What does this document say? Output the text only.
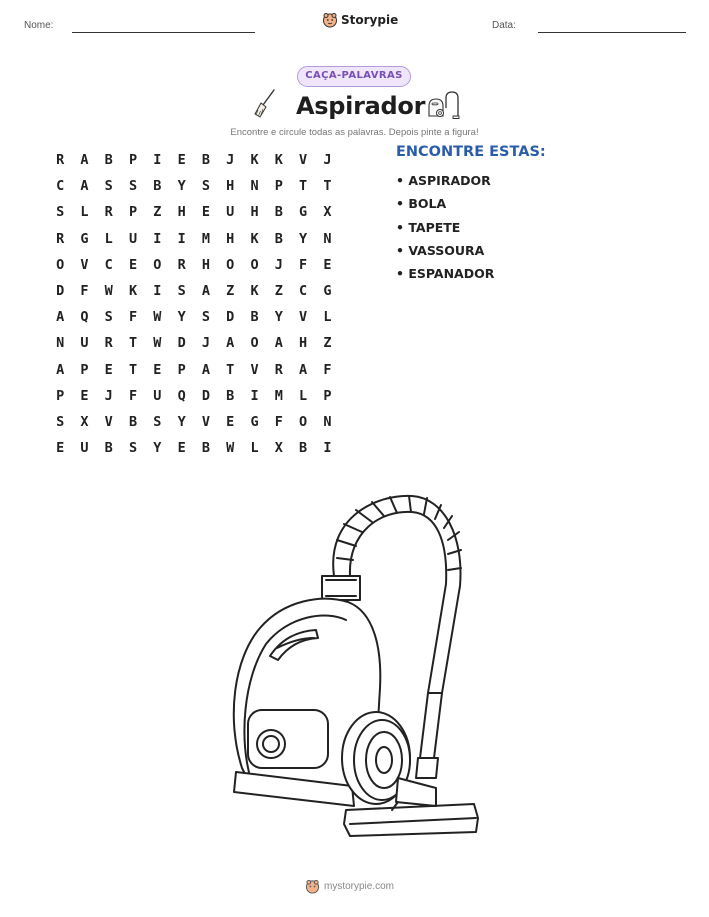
Nome:	Storypie	Data:
CAÇA-PALAVRAS
Aspirador
Encontre e circule todas as palavras. Depois pinte a figura!
R	A	B	P	I	E	B	J	K	K	V	J
C	A	S	S	B	Y	S	H	N	P	T	T
S	L	R	P	Z	H	E	U	H	B	G	X
R	G	L	U	I	I	M	H	K	B	Y	N
O	V	C	E	O	R	H	O	O	J	F	E
D	F	W	K	I	S	A	Z	K	Z	C	G
A	Q	S	F	W	Y	S	D	B	Y	V	L
N	U	R	T	W	D	J	A	O	A	H	Z
A	P	E	T	E	P	A	T	V	R	A	F
P	E	J	F	U	Q	D	B	I	M	L	P
S	X	V	B	S	Y	V	E	G	F	O	N
E	U	B	S	Y	E	B	W	L	X	B	I
ENCONTRE ESTAS:
• ASPIRADOR
• BOLA
• TAPETE
• VASSOURA
• ESPANADOR
mystorypie.com
